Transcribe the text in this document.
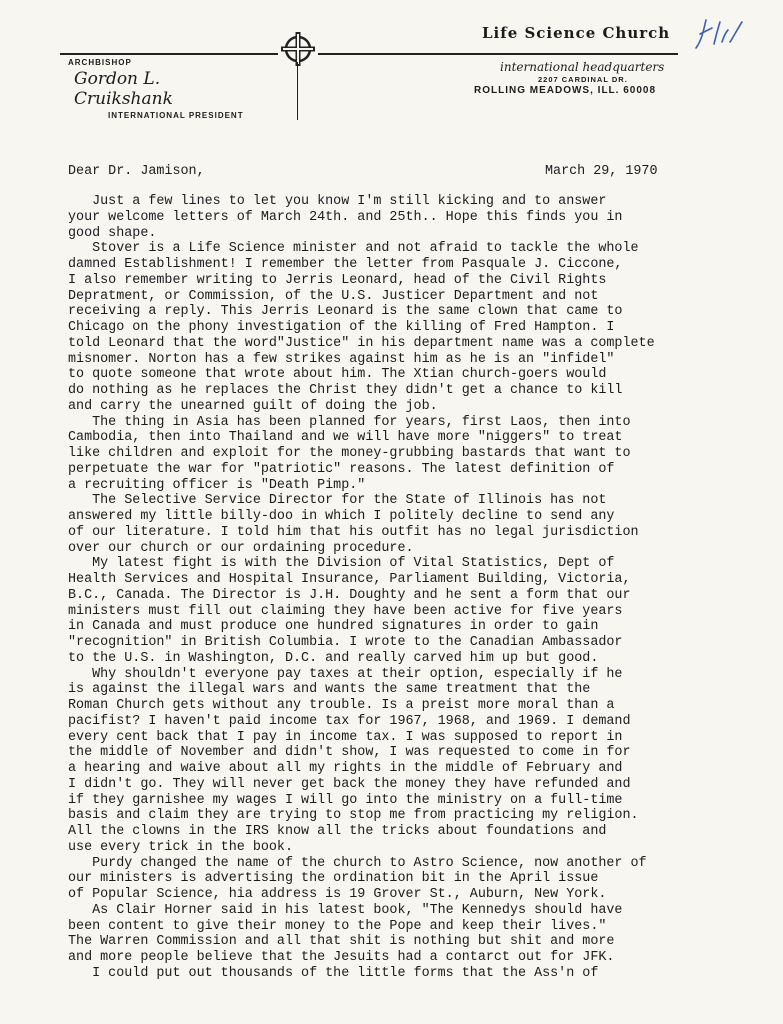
ARCHBISHOP
Gordon L. Cruikshank
INTERNATIONAL PRESIDENT
Life Science Church
international headquarters
2207 CARDINAL DR.
ROLLING MEADOWS, ILL. 60008
Dear Dr. Jamison,	March 29, 1970
Just a few lines to let you know I'm still kicking and to answer
your welcome letters of March 24th. and 25th.. Hope this finds you in
good shape.
Stover is a Life Science minister and not afraid to tackle the whole
damned Establishment! I remember the letter from Pasquale J. Ciccone,
I also remember writing to Jerris Leonard, head of the Civil Rights
Depratment, or Commission, of the U.S. Justicer Department and not
receiving a reply. This Jerris Leonard is the same clown that came to
Chicago on the phony investigation of the killing of Fred Hampton. I
told Leonard that the word"Justice" in his department name was a complete
misnomer. Norton has a few strikes against him as he is an "infidel"
to quote someone that wrote about him. The Xtian church-goers would
do nothing as he replaces the Christ they didn't get a chance to kill
and carry the unearned guilt of doing the job.
The thing in Asia has been planned for years, first Laos, then into
Cambodia, then into Thailand and we will have more "niggers" to treat
like children and exploit for the money-grubbing bastards that want to
perpetuate the war for "patriotic" reasons. The latest definition of
a recruiting officer is "Death Pimp."
The Selective Service Director for the State of Illinois has not
answered my little billy-doo in which I politely decline to send any
of our literature. I told him that his outfit has no legal jurisdiction
over our church or our ordaining procedure.
My latest fight is with the Division of Vital Statistics, Dept of
Health Services and Hospital Insurance, Parliament Building, Victoria,
B.C., Canada. The Director is J.H. Doughty and he sent a form that our
ministers must fill out claiming they have been active for five years
in Canada and must produce one hundred signatures in order to gain
"recognition" in British Columbia. I wrote to the Canadian Ambassador
to the U.S. in Washington, D.C. and really carved him up but good.
Why shouldn't everyone pay taxes at their option, especially if he
is against the illegal wars and wants the same treatment that the
Roman Church gets without any trouble. Is a preist more moral than a
pacifist? I haven't paid income tax for 1967, 1968, and 1969. I demand
every cent back that I pay in income tax. I was supposed to report in
the middle of November and didn't show, I was requested to come in for
a hearing and waive about all my rights in the middle of February and
I didn't go. They will never get back the money they have refunded and
if they garnishee my wages I will go into the ministry on a full-time
basis and claim they are trying to stop me from practicing my religion.
All the clowns in the IRS know all the tricks about foundations and
use every trick in the book.
Purdy changed the name of the church to Astro Science, now another of
our ministers is advertising the ordination bit in the April issue
of Popular Science, hia address is 19 Grover St., Auburn, New York.
As Clair Horner said in his latest book, "The Kennedys should have
been content to give their money to the Pope and keep their lives."
The Warren Commission and all that shit is nothing but shit and more
and more people believe that the Jesuits had a contarct out for JFK.
I could put out thousands of the little forms that the Ass'n of
